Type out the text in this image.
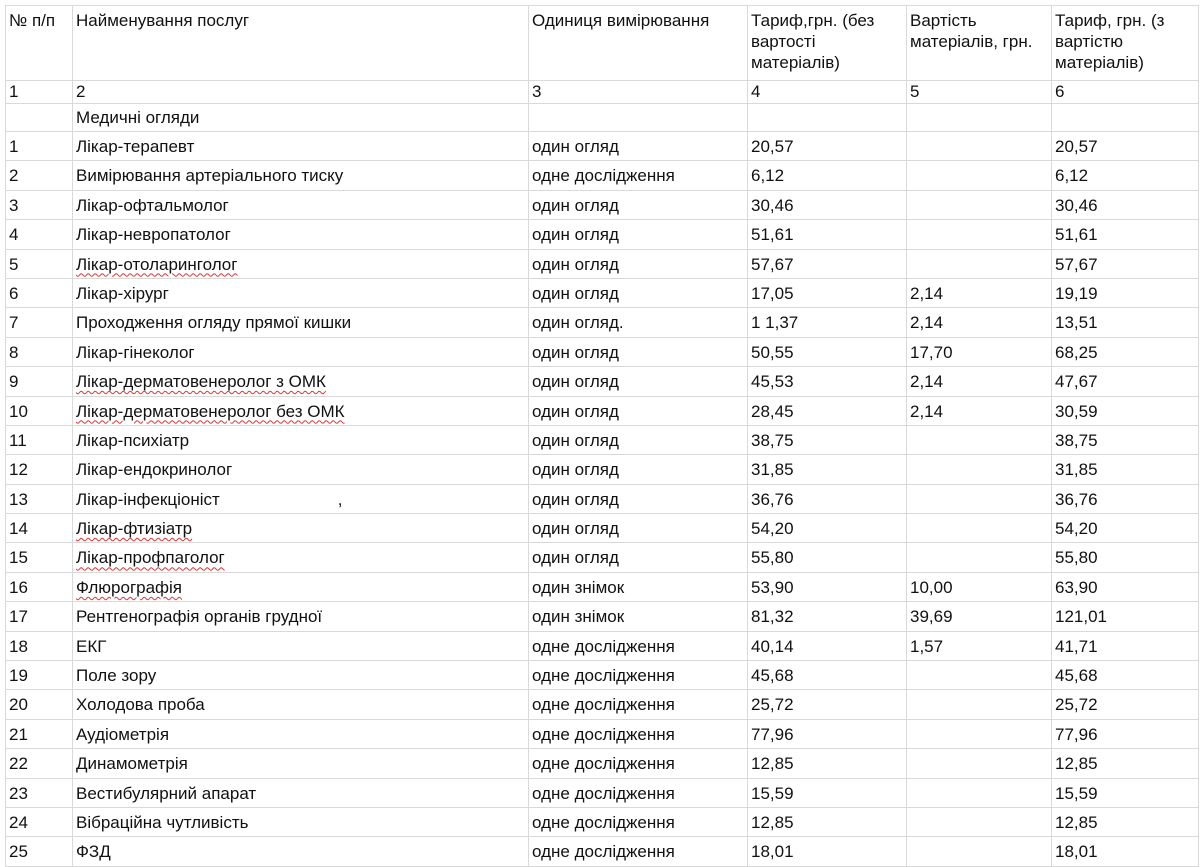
№ п/п	Найменування послуг	Одиниця вимірювання	Тариф,грн. (без вартості матеріалів)	Вартість матеріалів, грн.	Тариф, грн. (з вартістю матеріалів)
1	2	3	4	5	6
	Медичні огляди				
1	Лікар-терапевт	один огляд	20,57		20,57
2	Вимірювання артеріального тиску	одне дослідження	6,12		6,12
3	Лікар-офтальмолог	один огляд	30,46		30,46
4	Лікар-невропатолог	один огляд	51,61		51,61
5	Лікар-отоларинголог	один огляд	57,67		57,67
6	Лікар-хірург	один огляд	17,05	2,14	19,19
7	Проходження огляду прямої кишки	один огляд.	1 1,37	2,14	13,51
8	Лікар-гінеколог	один огляд	50,55	17,70	68,25
9	Лікар-дерматовенеролог з ОМК	один огляд	45,53	2,14	47,67
10	Лікар-дерматовенеролог без ОМК	один огляд	28,45	2,14	30,59
11	Лікар-психіатр	один огляд	38,75		38,75
12	Лікар-ендокринолог	один огляд	31,85		31,85
13	Лікар-інфекціоніст ,	один огляд	36,76		36,76
14	Лікар-фтизіатр	один огляд	54,20		54,20
15	Лікар-профпаголог	один огляд	55,80		55,80
16	Флюрографія	один знімок	53,90	10,00	63,90
17	Рентгенографія органів грудної	один знімок	81,32	39,69	121,01
18	ЕКГ	одне дослідження	40,14	1,57	41,71
19	Поле зору	одне дослідження	45,68		45,68
20	Холодова проба	одне дослідження	25,72		25,72
21	Аудіометрія	одне дослідження	77,96		77,96
22	Динамометрія	одне дослідження	12,85		12,85
23	Вестибулярний апарат	одне дослідження	15,59		15,59
24	Вібраційна чутливість	одне дослідження	12,85		12,85
25	ФЗД	одне дослідження	18,01		18,01
